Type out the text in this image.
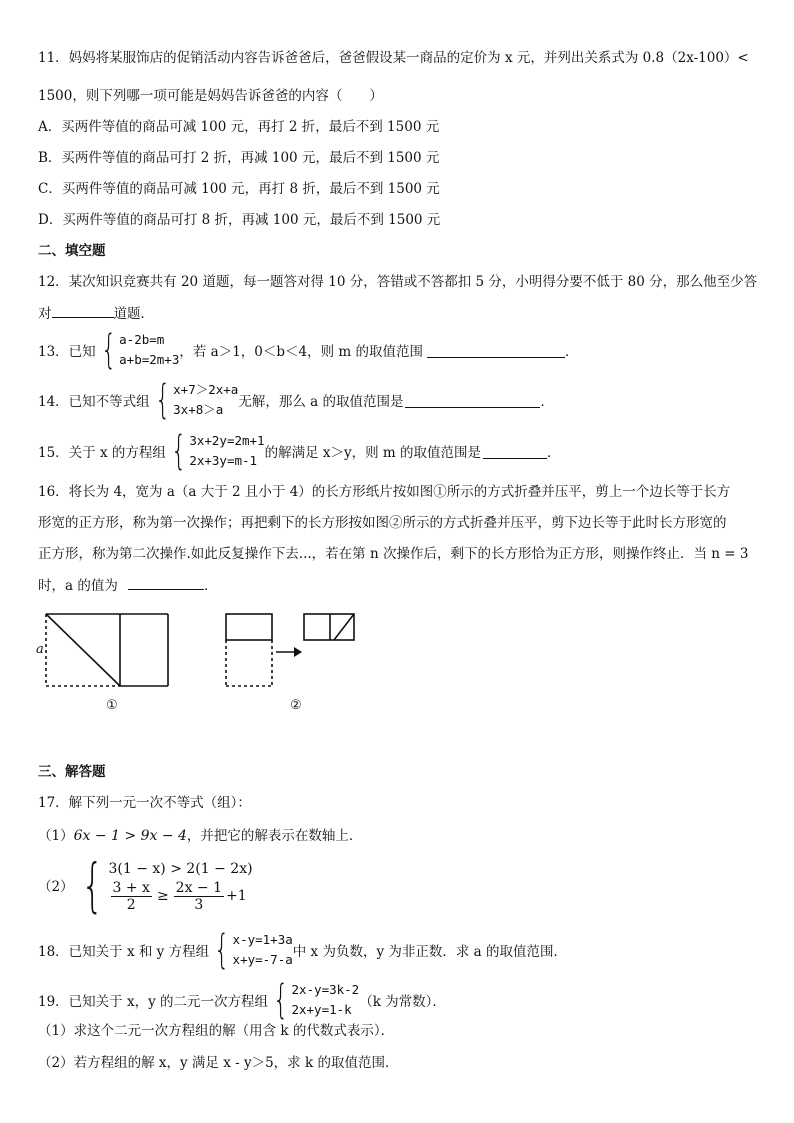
11．妈妈将某服饰店的促销活动内容告诉爸爸后，爸爸假设某一商品的定价为 x 元，并列出关系式为 0.8（2x-100）<
1500，则下列哪一项可能是妈妈告诉爸爸的内容（　　）
A．买两件等值的商品可减 100 元，再打 2 折，最后不到 1500 元
B．买两件等值的商品可打 2 折，再减 100 元，最后不到 1500 元
C．买两件等值的商品可减 100 元，再打 8 折，最后不到 1500 元
D．买两件等值的商品可打 8 折，再减 100 元，最后不到 1500 元
二、填空题
12．某次知识竞赛共有 20 道题，每一题答对得 10 分，答错或不答都扣 5 分，小明得分要不低于 80 分，那么他至少答
对	道题．
13．已知 { a-2b=m
a+b=2m+3 ，若 a＞1，0＜b＜4，则 m 的取值范围	．
14．已知不等式组 { x+7＞2x+a
3x+8＞a	无解，那么 a 的取值范围是	．
15．关于 x 的方程组 { 3x+2y=2m+1
2x+3y=m-1 的解满足 x＞y，则 m 的取值范围是	．
16．将长为 4，宽为 a（a 大于 2 且小于 4）的长方形纸片按如图①所示的方式折叠并压平，剪上一个边长等于长方
形宽的正方形，称为第一次操作；再把剩下的长方形按如图②所示的方式折叠并压平，剪下边长等于此时长方形宽的
正方形，称为第二次操作.如此反复操作下去...，若在第 n 次操作后，剩下的长方形恰为正方形，则操作终止．当 n = 3
时，a 的值为	．
a
①	②
三、解答题
17．解下列一元一次不等式（组）：
（1）6x − 1 > 9x − 4，并把它的解表示在数轴上．
（2） { 3(1 − x) > 2(1 − 2x)
$\frac{3 + x}{2} \ge \frac{2x - 1}{3} +1$
18．已知关于 x 和 y 方程组 { x-y=1+3a
x+y=-7-a 中 x 为负数，y 为非正数．求 a 的取值范围．
19．已知关于 x，y 的二元一次方程组 { 2x-y=3k-2
2x+y=1-k （k 为常数）．
（1）求这个二元一次方程组的解（用含 k 的代数式表示）．
（2）若方程组的解 x，y 满足 x - y＞5，求 k 的取值范围．
